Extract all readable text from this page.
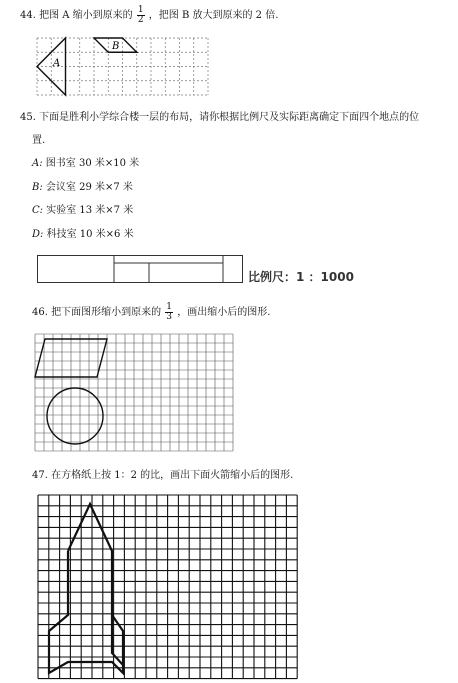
44. 把图 A 缩小到原来的 $\frac{1}{2}$ ，把图 B 放大到原来的 2 倍.
A
B
45. 下面是胜利小学综合楼一层的布局，请你根据比例尺及实际距离确定下面四个地点的位
置.
A: 图书室 30 米×10 米
B: 会议室 29 米×7 米
C: 实验室 13 米×7 米
D: 科技室 10 米×6 米
比例尺：1 ：1000
46. 把下面图形缩小到原来的 $\frac{1}{3}$ ，画出缩小后的图形.
47. 在方格纸上按 1：2 的比，画出下面火箭缩小后的图形.
